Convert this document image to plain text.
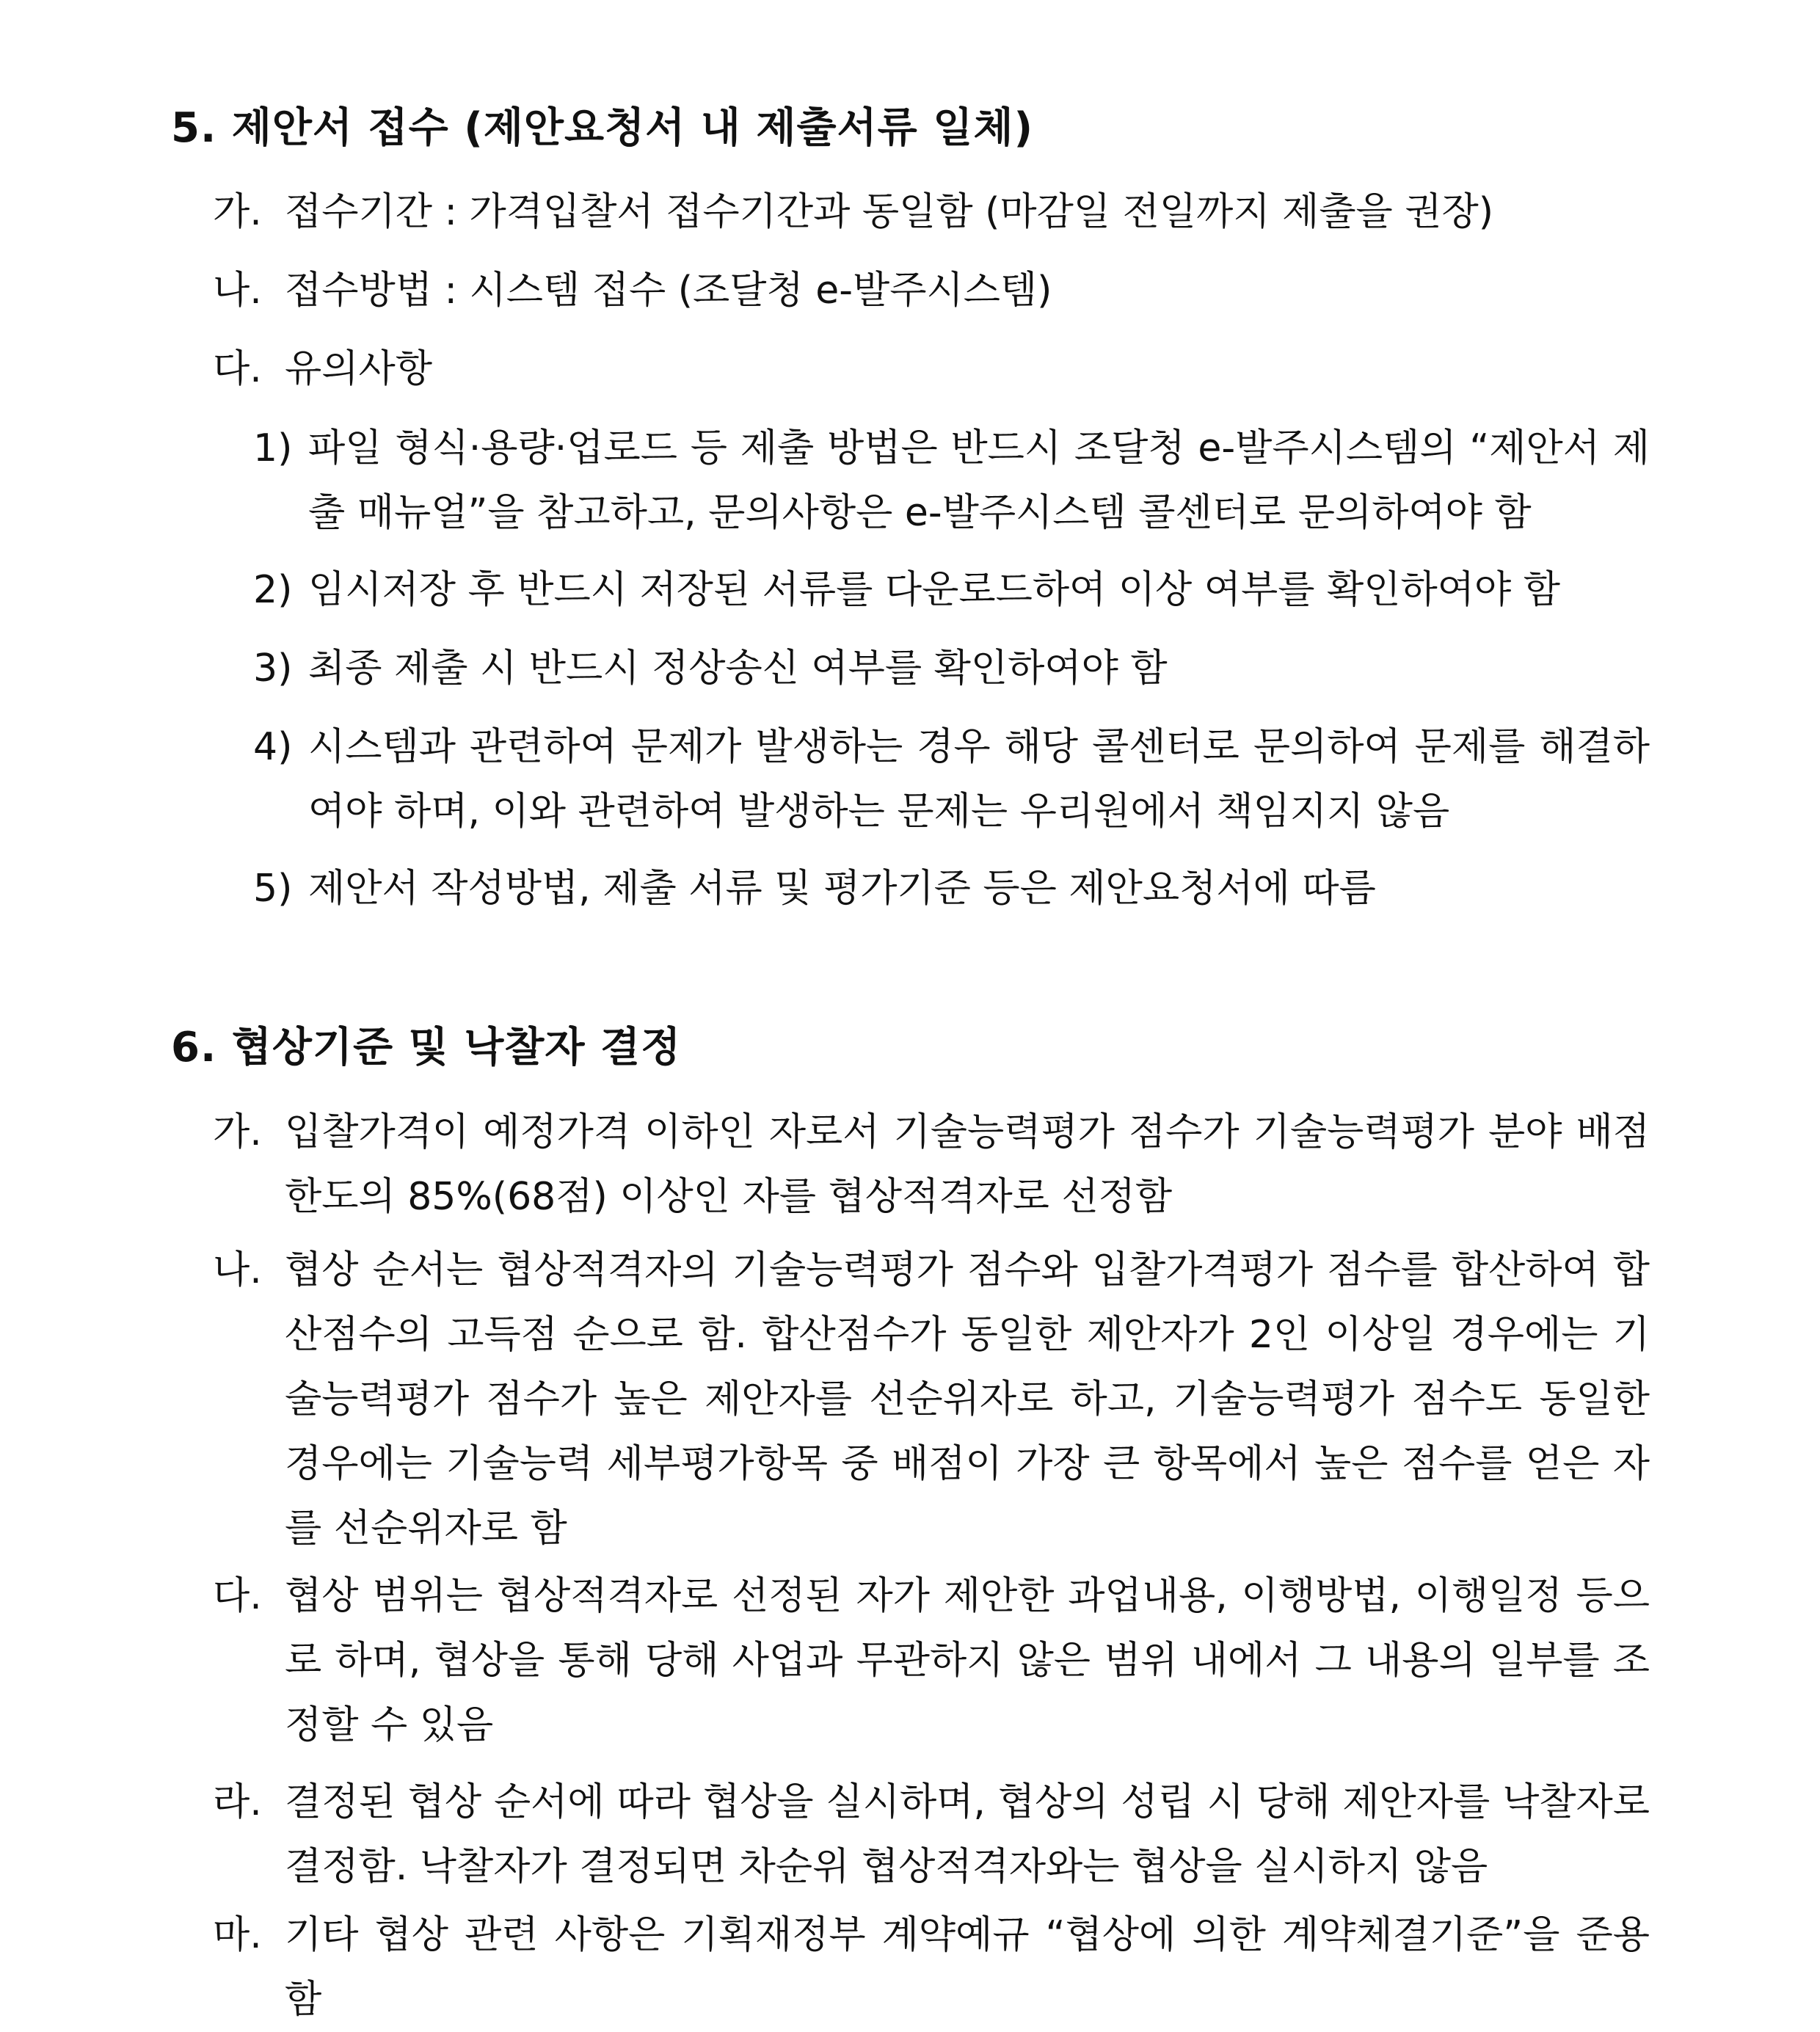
5. 제안서 접수 (제안요청서 내 제출서류 일체)
가. 접수기간 : 가격입찰서 접수기간과 동일함 (마감일 전일까지 제출을 권장)
나. 접수방법 : 시스템 접수 (조달청 e-발주시스템)
다. 유의사항
1) 파일 형식·용량·업로드 등 제출 방법은 반드시 조달청 e-발주시스템의 “제안서 제출 매뉴얼”을 참고하고, 문의사항은 e-발주시스템 콜센터로 문의하여야 함
2) 임시저장 후 반드시 저장된 서류를 다운로드하여 이상 여부를 확인하여야 함
3) 최종 제출 시 반드시 정상송신 여부를 확인하여야 함
4) 시스템과 관련하여 문제가 발생하는 경우 해당 콜센터로 문의하여 문제를 해결하여야 하며, 이와 관련하여 발생하는 문제는 우리원에서 책임지지 않음
5) 제안서 작성방법, 제출 서류 및 평가기준 등은 제안요청서에 따름
6. 협상기준 및 낙찰자 결정
가. 입찰가격이 예정가격 이하인 자로서 기술능력평가 점수가 기술능력평가 분야 배점한도의 85%(68점) 이상인 자를 협상적격자로 선정함
나. 협상 순서는 협상적격자의 기술능력평가 점수와 입찰가격평가 점수를 합산하여 합산점수의 고득점 순으로 함. 합산점수가 동일한 제안자가 2인 이상일 경우에는 기술능력평가 점수가 높은 제안자를 선순위자로 하고, 기술능력평가 점수도 동일한 경우에는 기술능력 세부평가항목 중 배점이 가장 큰 항목에서 높은 점수를 얻은 자를 선순위자로 함
다. 협상 범위는 협상적격자로 선정된 자가 제안한 과업내용, 이행방법, 이행일정 등으로 하며, 협상을 통해 당해 사업과 무관하지 않은 범위 내에서 그 내용의 일부를 조정할 수 있음
라. 결정된 협상 순서에 따라 협상을 실시하며, 협상의 성립 시 당해 제안자를 낙찰자로 결정함. 낙찰자가 결정되면 차순위 협상적격자와는 협상을 실시하지 않음
마. 기타 협상 관련 사항은 기획재정부 계약예규 “협상에 의한 계약체결기준”을 준용함
